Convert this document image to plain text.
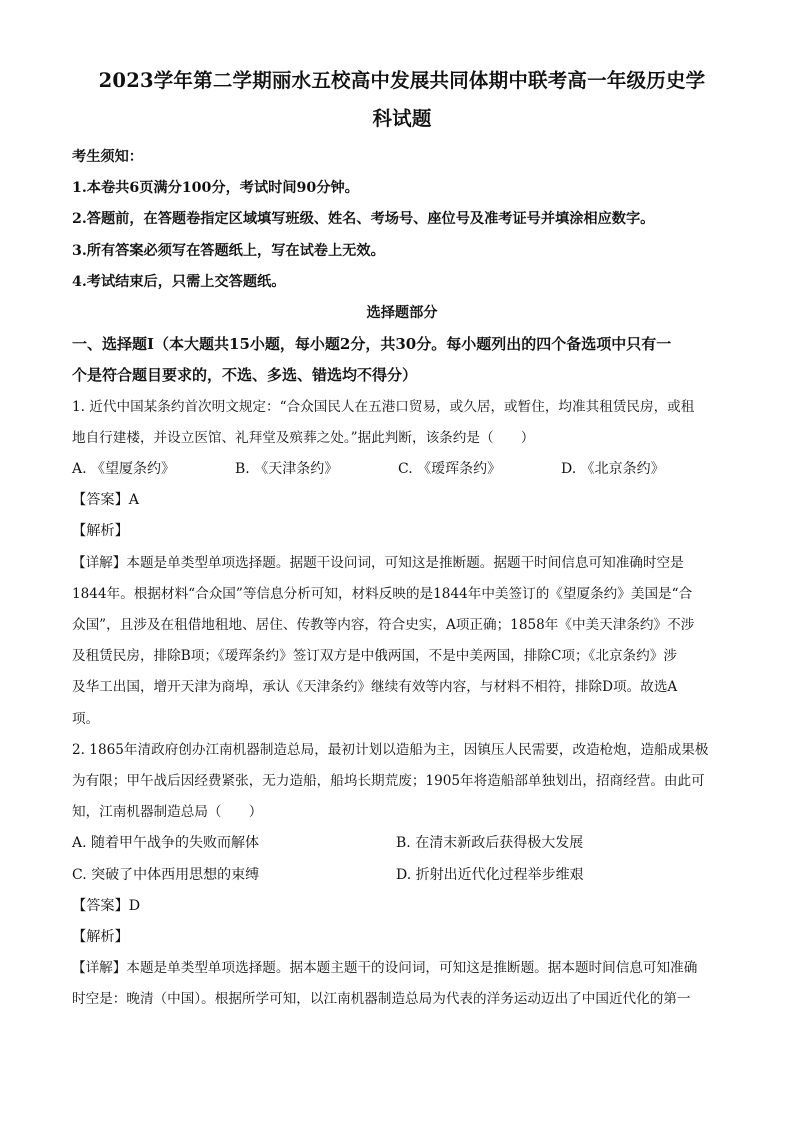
2023学年第二学期丽水五校高中发展共同体期中联考高一年级历史学

科试题

考生须知：

1.本卷共6页满分100分，考试时间90分钟。

2.答题前，在答题卷指定区域填写班级、姓名、考场号、座位号及准考证号并填涂相应数字。

3.所有答案必须写在答题纸上，写在试卷上无效。

4.考试结束后，只需上交答题纸。

选择题部分

一、选择题Ⅰ（本大题共15小题，每小题2分，共30分。每小题列出的四个备选项中只有一

个是符合题目要求的，不选、多选、错选均不得分）

1. 近代中国某条约首次明文规定：“合众国民人在五港口贸易，或久居，或暂住，均准其租赁民房，或租

地自行建楼，并设立医馆、礼拜堂及殡葬之处。”据此判断，该条约是（　　）

A. 《望厦条约》	B. 《天津条约》	C. 《瑷珲条约》	D. 《北京条约》

【答案】A

【解析】

【详解】本题是单类型单项选择题。据题干设问词，可知这是推断题。据题干时间信息可知准确时空是

1844年。根据材料“合众国”等信息分析可知，材料反映的是1844年中美签订的《望厦条约》美国是“合

众国”，且涉及在租借地租地、居住、传教等内容，符合史实，A项正确；1858年《中美天津条约》不涉

及租赁民房，排除B项；《瑷珲条约》签订双方是中俄两国，不是中美两国，排除C项；《北京条约》涉

及华工出国，增开天津为商埠，承认《天津条约》继续有效等内容，与材料不相符，排除D项。故选A

项。

2. 1865年清政府创办江南机器制造总局，最初计划以造船为主，因镇压人民需要，改造枪炮，造船成果极

为有限；甲午战后因经费紧张，无力造船，船坞长期荒废；1905年将造船部单独划出，招商经营。由此可

知，江南机器制造总局（　　）

A. 随着甲午战争的失败而解体	B. 在清末新政后获得极大发展
C. 突破了中体西用思想的束缚	D. 折射出近代化过程举步维艰

【答案】D

【解析】

【详解】本题是单类型单项选择题。据本题主题干的设问词，可知这是推断题。据本题时间信息可知准确

时空是：晚清（中国）。根据所学可知，以江南机器制造总局为代表的洋务运动迈出了中国近代化的第一
